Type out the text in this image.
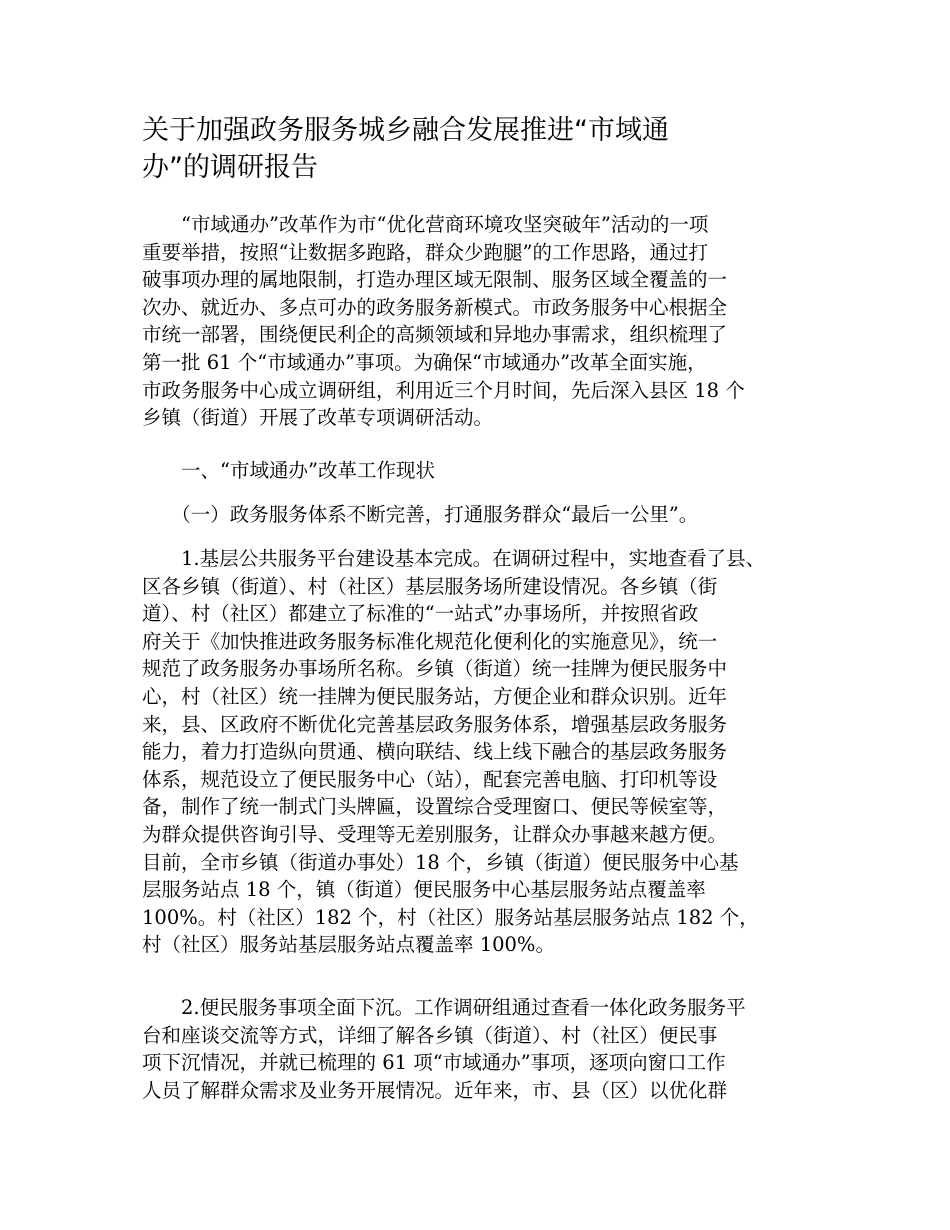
关于加强政务服务城乡融合发展推进“市域通
办”的调研报告
　　“市域通办”改革作为市“优化营商环境攻坚突破年”活动的一项
重要举措，按照“让数据多跑路，群众少跑腿”的工作思路，通过打
破事项办理的属地限制，打造办理区域无限制、服务区域全覆盖的一
次办、就近办、多点可办的政务服务新模式。市政务服务中心根据全
市统一部署，围绕便民利企的高频领域和异地办事需求，组织梳理了
第一批 61 个“市域通办”事项。为确保“市域通办”改革全面实施，
市政务服务中心成立调研组，利用近三个月时间，先后深入县区 18 个
乡镇（街道）开展了改革专项调研活动。
　　一、“市域通办”改革工作现状
　　（一）政务服务体系不断完善，打通服务群众“最后一公里”。
　　1.基层公共服务平台建设基本完成。在调研过程中，实地查看了县、
区各乡镇（街道）、村（社区）基层服务场所建设情况。各乡镇（街
道）、村（社区）都建立了标准的“一站式”办事场所，并按照省政
府关于《加快推进政务服务标准化规范化便利化的实施意见》，统一
规范了政务服务办事场所名称。乡镇（街道）统一挂牌为便民服务中
心，村（社区）统一挂牌为便民服务站，方便企业和群众识别。近年
来，县、区政府不断优化完善基层政务服务体系，增强基层政务服务
能力，着力打造纵向贯通、横向联结、线上线下融合的基层政务服务
体系，规范设立了便民服务中心（站），配套完善电脑、打印机等设
备，制作了统一制式门头牌匾，设置综合受理窗口、便民等候室等，
为群众提供咨询引导、受理等无差别服务，让群众办事越来越方便。
目前，全市乡镇（街道办事处）18 个，乡镇（街道）便民服务中心基
层服务站点 18 个，镇（街道）便民服务中心基层服务站点覆盖率
100%。村（社区）182 个，村（社区）服务站基层服务站点 182 个，
村（社区）服务站基层服务站点覆盖率 100%。
　　2.便民服务事项全面下沉。工作调研组通过查看一体化政务服务平
台和座谈交流等方式，详细了解各乡镇（街道）、村（社区）便民事
项下沉情况，并就已梳理的 61 项“市域通办”事项，逐项向窗口工作
人员了解群众需求及业务开展情况。近年来，市、县（区）以优化群
